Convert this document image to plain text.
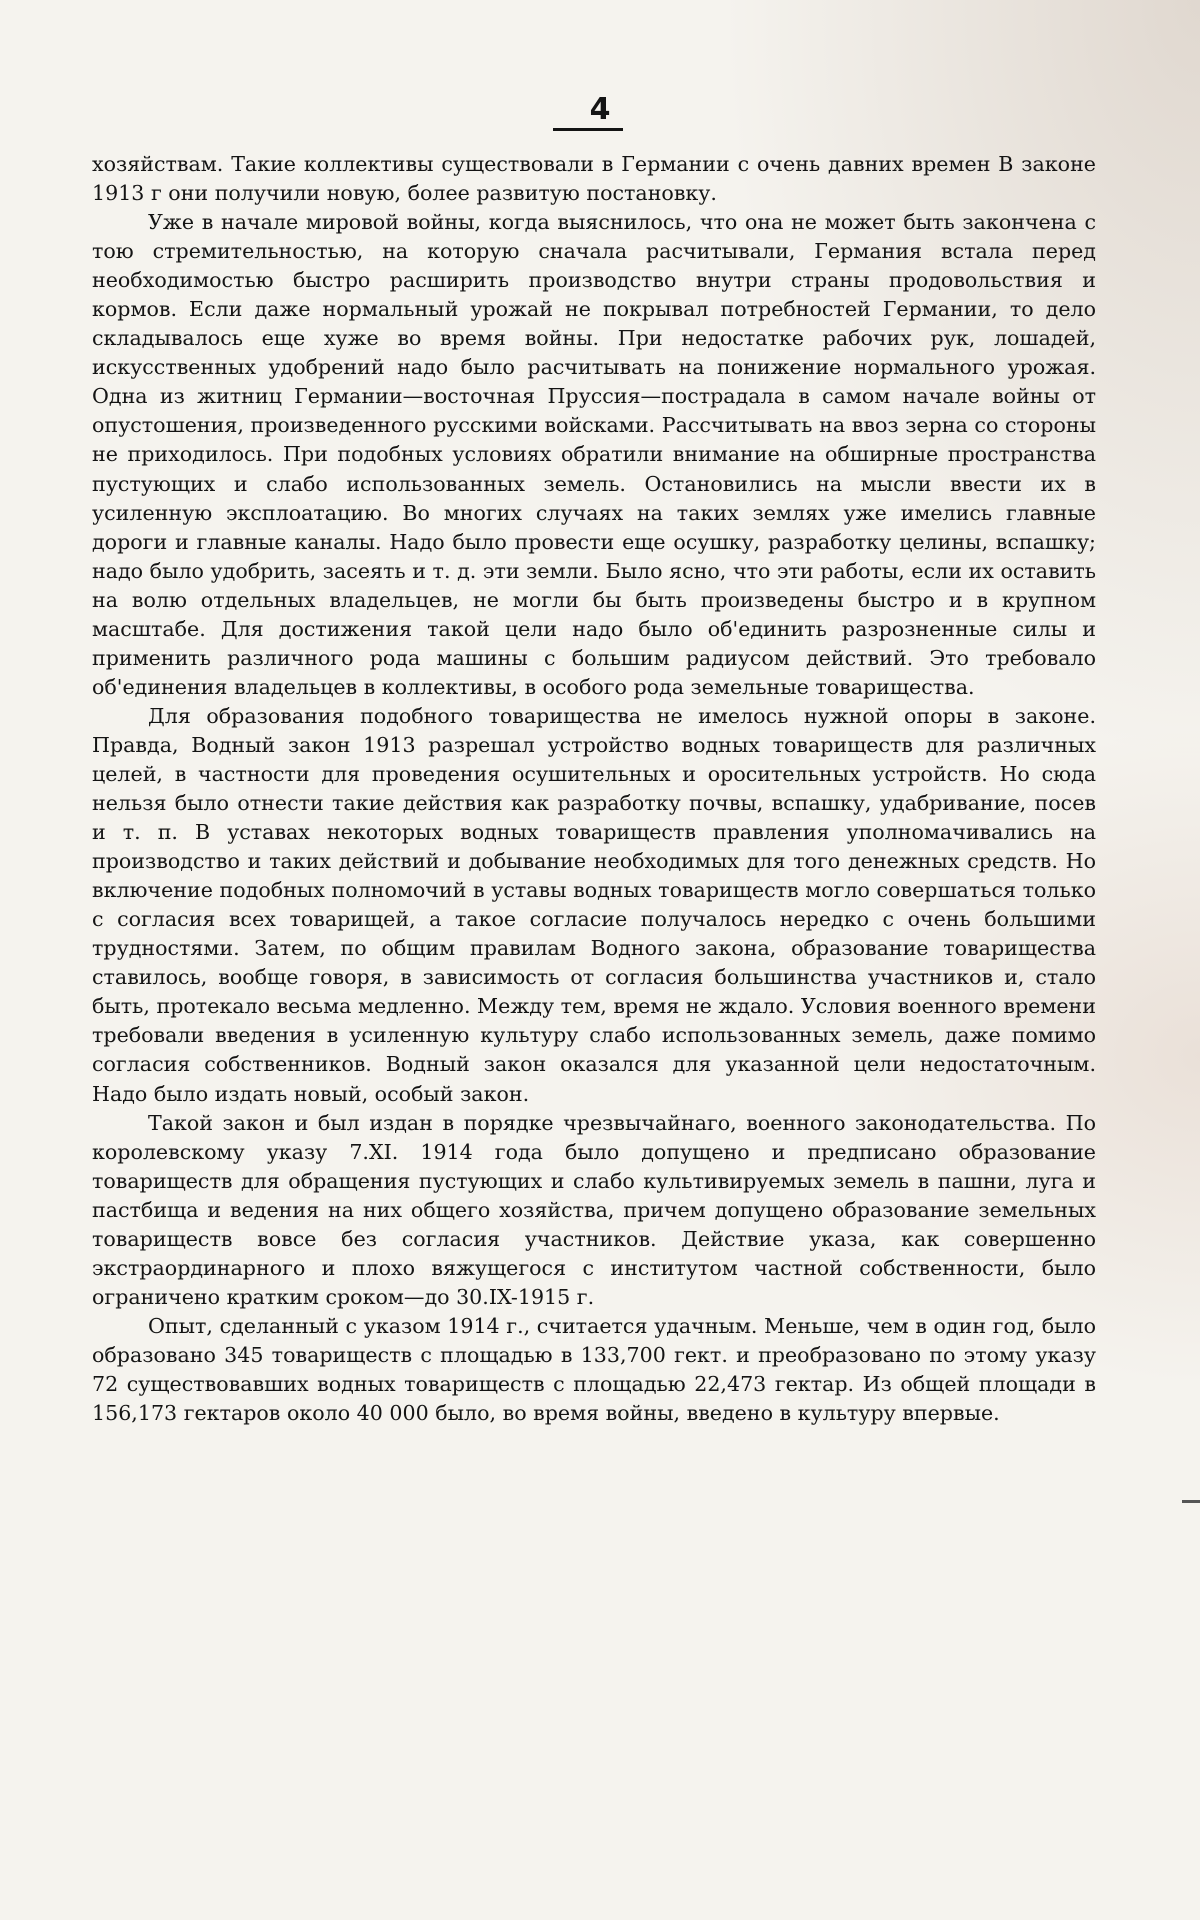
4

хозяйствам. Такие коллективы существовали в Германии с очень давних времен В законе 1913 г они получили новую, более развитую постановку.

Уже в начале мировой войны, когда выяснилось, что она не может быть закончена с тою стремительностью, на которую сначала расчитывали, Германия встала перед необходимостью быстро расширить производство внутри страны продовольствия и кормов. Если даже нормальный урожай не покрывал потребностей Германии, то дело складывалось еще хуже во время войны. При недостатке рабочих рук, лошадей, искусственных удобрений надо было расчитывать на понижение нормального урожая. Одна из житниц Германии—восточная Пруссия—пострадала в самом начале войны от опустошения, произведенного русскими войсками. Рассчитывать на ввоз зерна со стороны не приходилось. При подобных условиях обратили внимание на обширные пространства пустующих и слабо использованных земель. Остановились на мысли ввести их в усиленную эксплоатацию. Во многих случаях на таких землях уже имелись главные дороги и главные каналы. Надо было провести еще осушку, разработку целины, вспашку; надо было удобрить, засеять и т. д. эти земли. Было ясно, что эти работы, если их оставить на волю отдельных владельцев, не могли бы быть произведены быстро и в крупном масштабе. Для достижения такой цели надо было об'единить разрозненные силы и применить различного рода машины с большим радиусом действий. Это требовало об'единения владельцев в коллективы, в особого рода земельные товарищества.

Для образования подобного товарищества не имелось нужной опоры в законе. Правда, Водный закон 1913 разрешал устройство водных товариществ для различных целей, в частности для проведения осушительных и оросительных устройств. Но сюда нельзя было отнести такие действия как разработку почвы, вспашку, удабривание, посев и т. п. В уставах некоторых водных товариществ правления уполномачивались на производство и таких действий и добывание необходимых для того денежных средств. Но включение подобных полномочий в уставы водных товариществ могло совершаться только с согласия всех товарищей, а такое согласие получалось нередко с очень большими трудностями. Затем, по общим правилам Водного закона, образование товарищества ставилось, вообще говоря, в зависимость от согласия большинства участников и, стало быть, протекало весьма медленно. Между тем, время не ждало. Условия военного времени требовали введения в усиленную культуру слабо использованных земель, даже помимо согласия собственников. Водный закон оказался для указанной цели недостаточным. Надо было издать новый, особый закон.

Такой закон и был издан в порядке чрезвычайнаго, военного законодательства. По королевскому указу 7.XI. 1914 года было допущено и предписано образование товариществ для обращения пустующих и слабо культивируемых земель в пашни, луга и пастбища и ведения на них общего хозяйства, причем допущено образование земельных товариществ вовсе без согласия участников. Действие указа, как совершенно экстраординарного и плохо вяжущегося с институтом частной собственности, было ограничено кратким сроком—до 30.IX-1915 г.

Опыт, сделанный с указом 1914 г., считается удачным. Меньше, чем в один год, было образовано 345 товариществ с площадью в 133,700 гект. и преобразовано по этому указу 72 существовавших водных товариществ с площадью 22,473 гектар. Из общей площади в 156,173 гектаров около 40 000 было, во время войны, введено в культуру впервые.
